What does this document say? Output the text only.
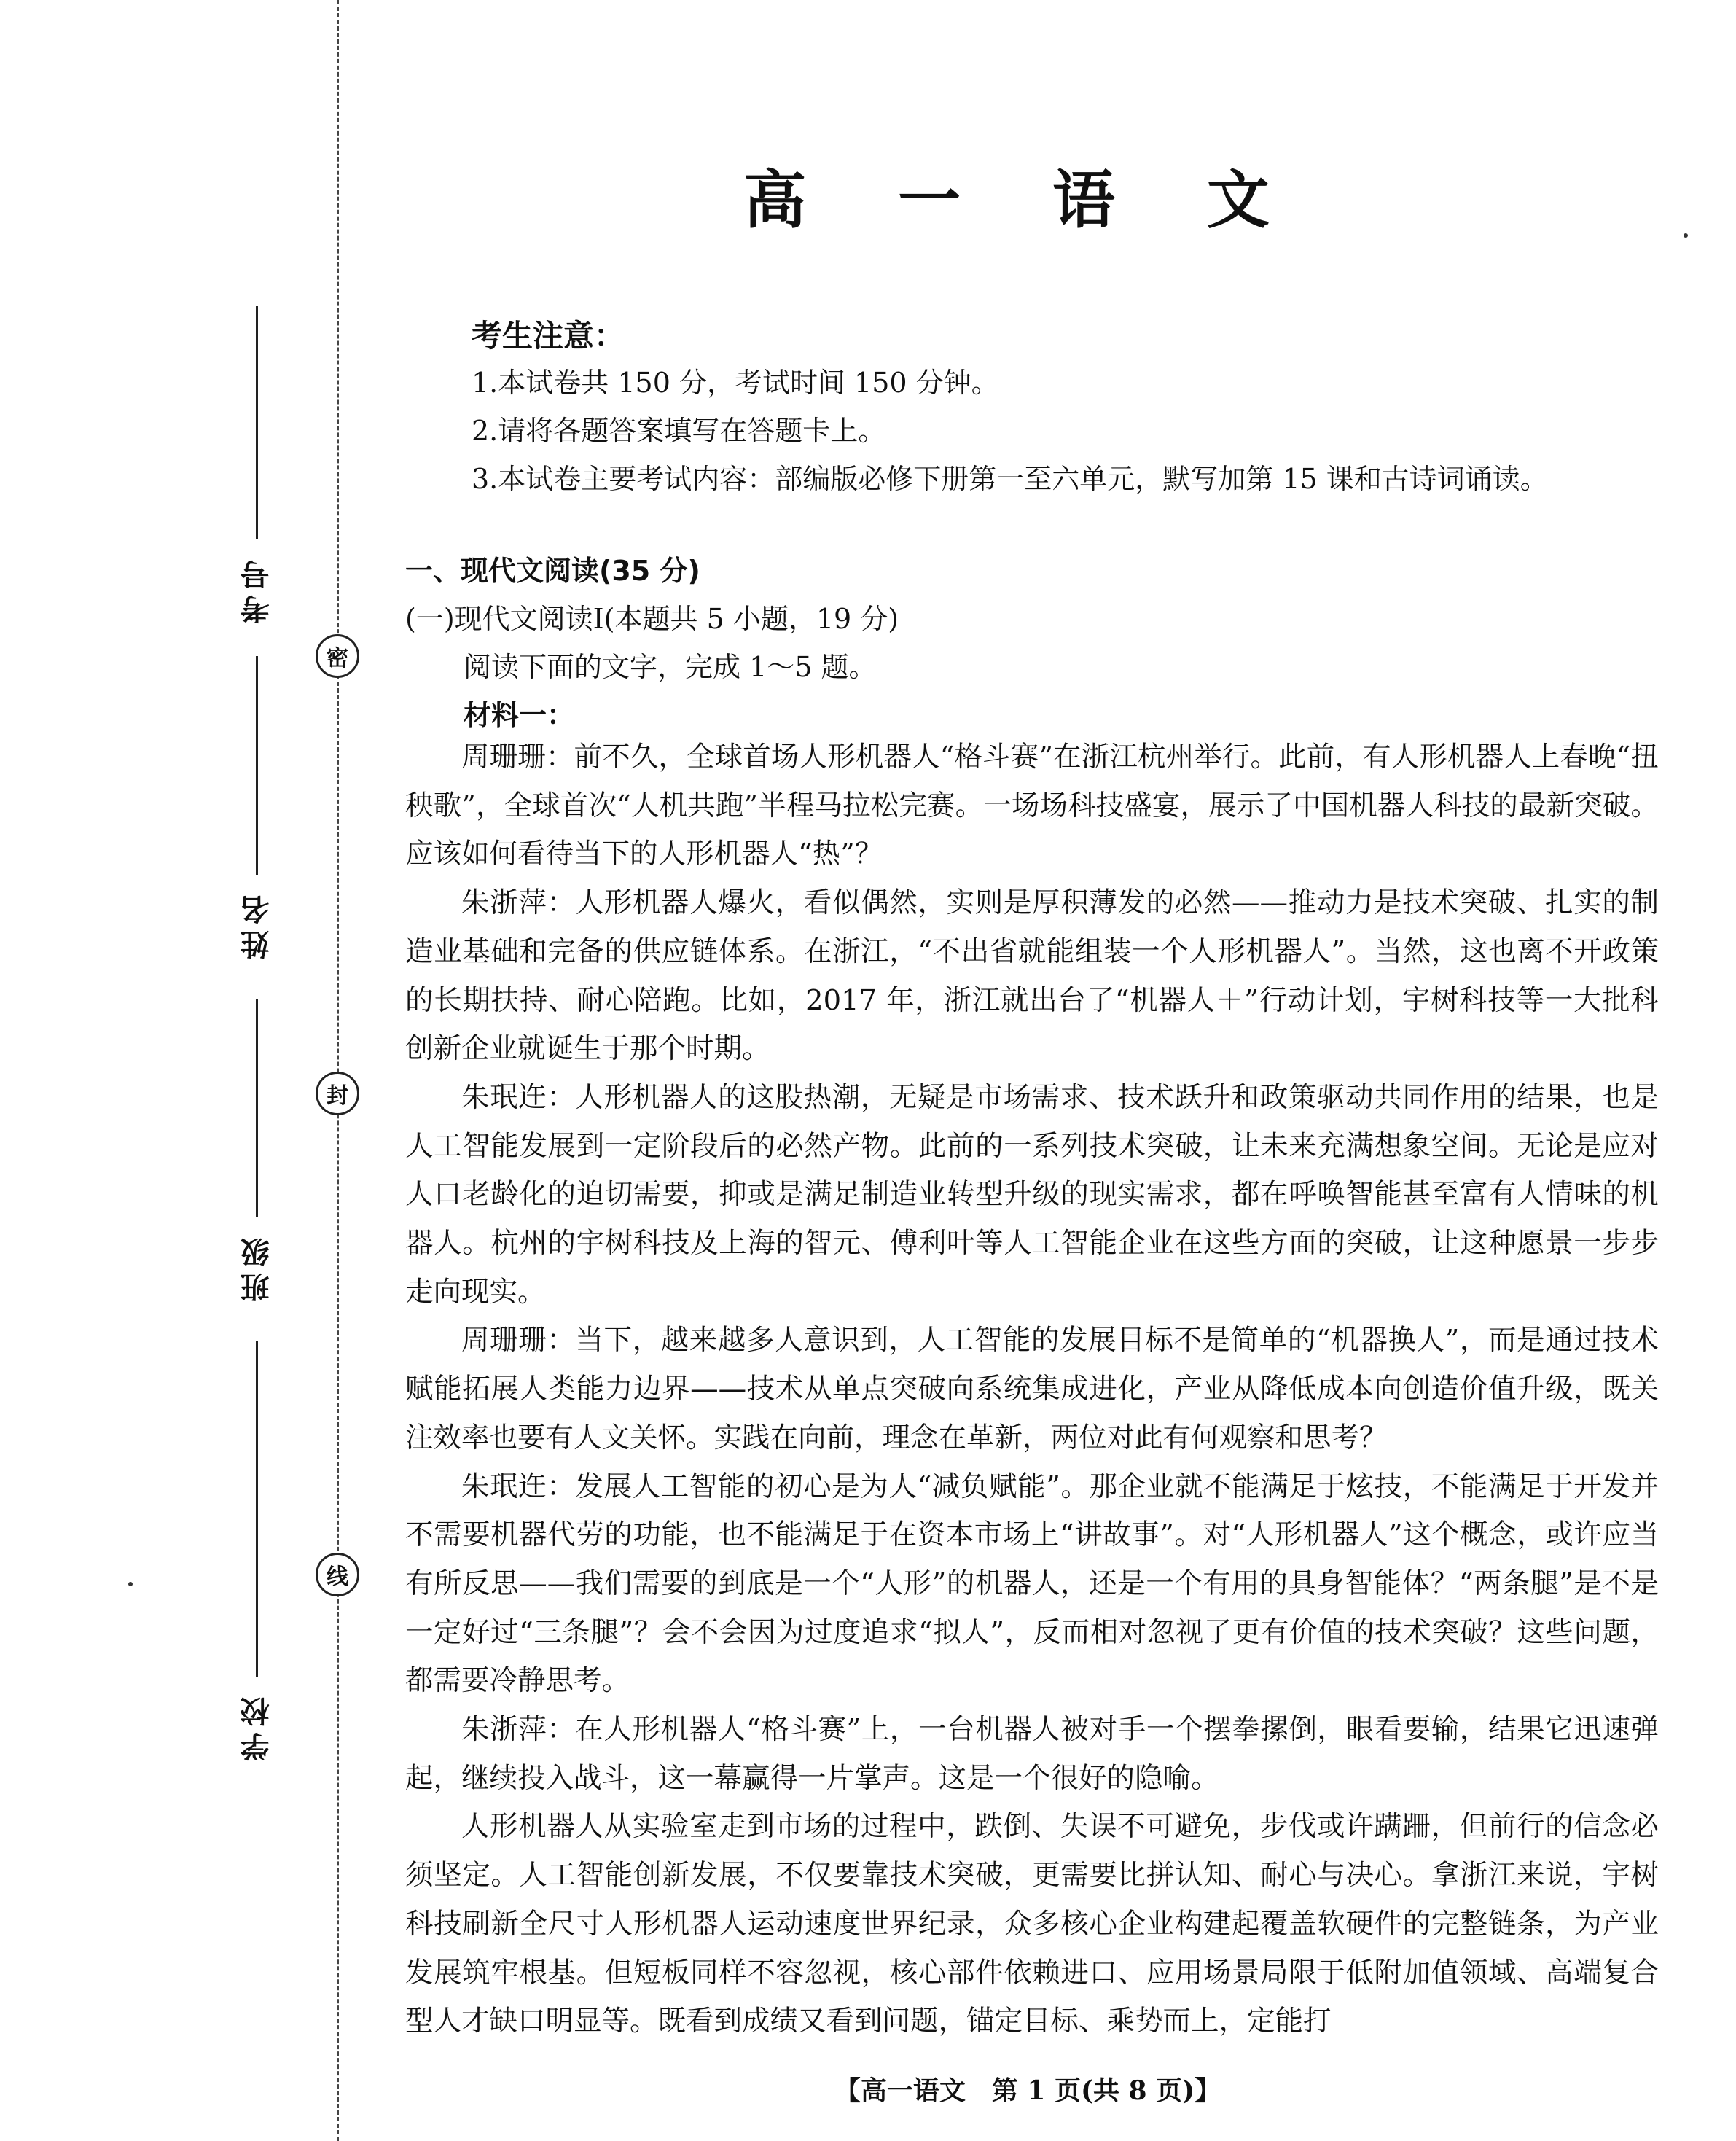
密
封
线
考号
姓名
班级
学校
高 一 语 文
考生注意：
1.本试卷共 150 分，考试时间 150 分钟。
2.请将各题答案填写在答题卡上。
3.本试卷主要考试内容：部编版必修下册第一至六单元，默写加第 15 课和古诗词诵读。
一、现代文阅读(35 分)
(一)现代文阅读Ⅰ(本题共 5 小题，19 分)
阅读下面的文字，完成 1～5 题。
材料一：

周珊珊：前不久，全球首场人形机器人“格斗赛”在浙江杭州举行。此前，有人形机器人上春晚“扭秧歌”，全球首次“人机共跑”半程马拉松完赛。一场场科技盛宴，展示了中国机器人科技的最新突破。应该如何看待当下的人形机器人“热”？

朱浙萍：人形机器人爆火，看似偶然，实则是厚积薄发的必然——推动力是技术突破、扎实的制造业基础和完备的供应链体系。在浙江，“不出省就能组装一个人形机器人”。当然，这也离不开政策的长期扶持、耐心陪跑。比如，2017 年，浙江就出台了“机器人＋”行动计划，宇树科技等一大批科创新企业就诞生于那个时期。

朱珉迕：人形机器人的这股热潮，无疑是市场需求、技术跃升和政策驱动共同作用的结果，也是人工智能发展到一定阶段后的必然产物。此前的一系列技术突破，让未来充满想象空间。无论是应对人口老龄化的迫切需要，抑或是满足制造业转型升级的现实需求，都在呼唤智能甚至富有人情味的机器人。杭州的宇树科技及上海的智元、傅利叶等人工智能企业在这些方面的突破，让这种愿景一步步走向现实。

周珊珊：当下，越来越多人意识到，人工智能的发展目标不是简单的“机器换人”，而是通过技术赋能拓展人类能力边界——技术从单点突破向系统集成进化，产业从降低成本向创造价值升级，既关注效率也要有人文关怀。实践在向前，理念在革新，两位对此有何观察和思考？

朱珉迕：发展人工智能的初心是为人“减负赋能”。那企业就不能满足于炫技，不能满足于开发并不需要机器代劳的功能，也不能满足于在资本市场上“讲故事”。对“人形机器人”这个概念，或许应当有所反思——我们需要的到底是一个“人形”的机器人，还是一个有用的具身智能体？“两条腿”是不是一定好过“三条腿”？会不会因为过度追求“拟人”，反而相对忽视了更有价值的技术突破？这些问题，都需要冷静思考。

朱浙萍：在人形机器人“格斗赛”上，一台机器人被对手一个摆拳摞倒，眼看要输，结果它迅速弹起，继续投入战斗，这一幕赢得一片掌声。这是一个很好的隐喻。

人形机器人从实验室走到市场的过程中，跌倒、失误不可避免，步伐或许蹒跚，但前行的信念必须坚定。人工智能创新发展，不仅要靠技术突破，更需要比拼认知、耐心与决心。拿浙江来说，宇树科技刷新全尺寸人形机器人运动速度世界纪录，众多核心企业构建起覆盖软硬件的完整链条，为产业发展筑牢根基。但短板同样不容忽视，核心部件依赖进口、应用场景局限于低附加值领域、高端复合型人才缺口明显等。既看到成绩又看到问题，锚定目标、乘势而上，定能打

【高一语文　第 1 页(共 8 页)】
